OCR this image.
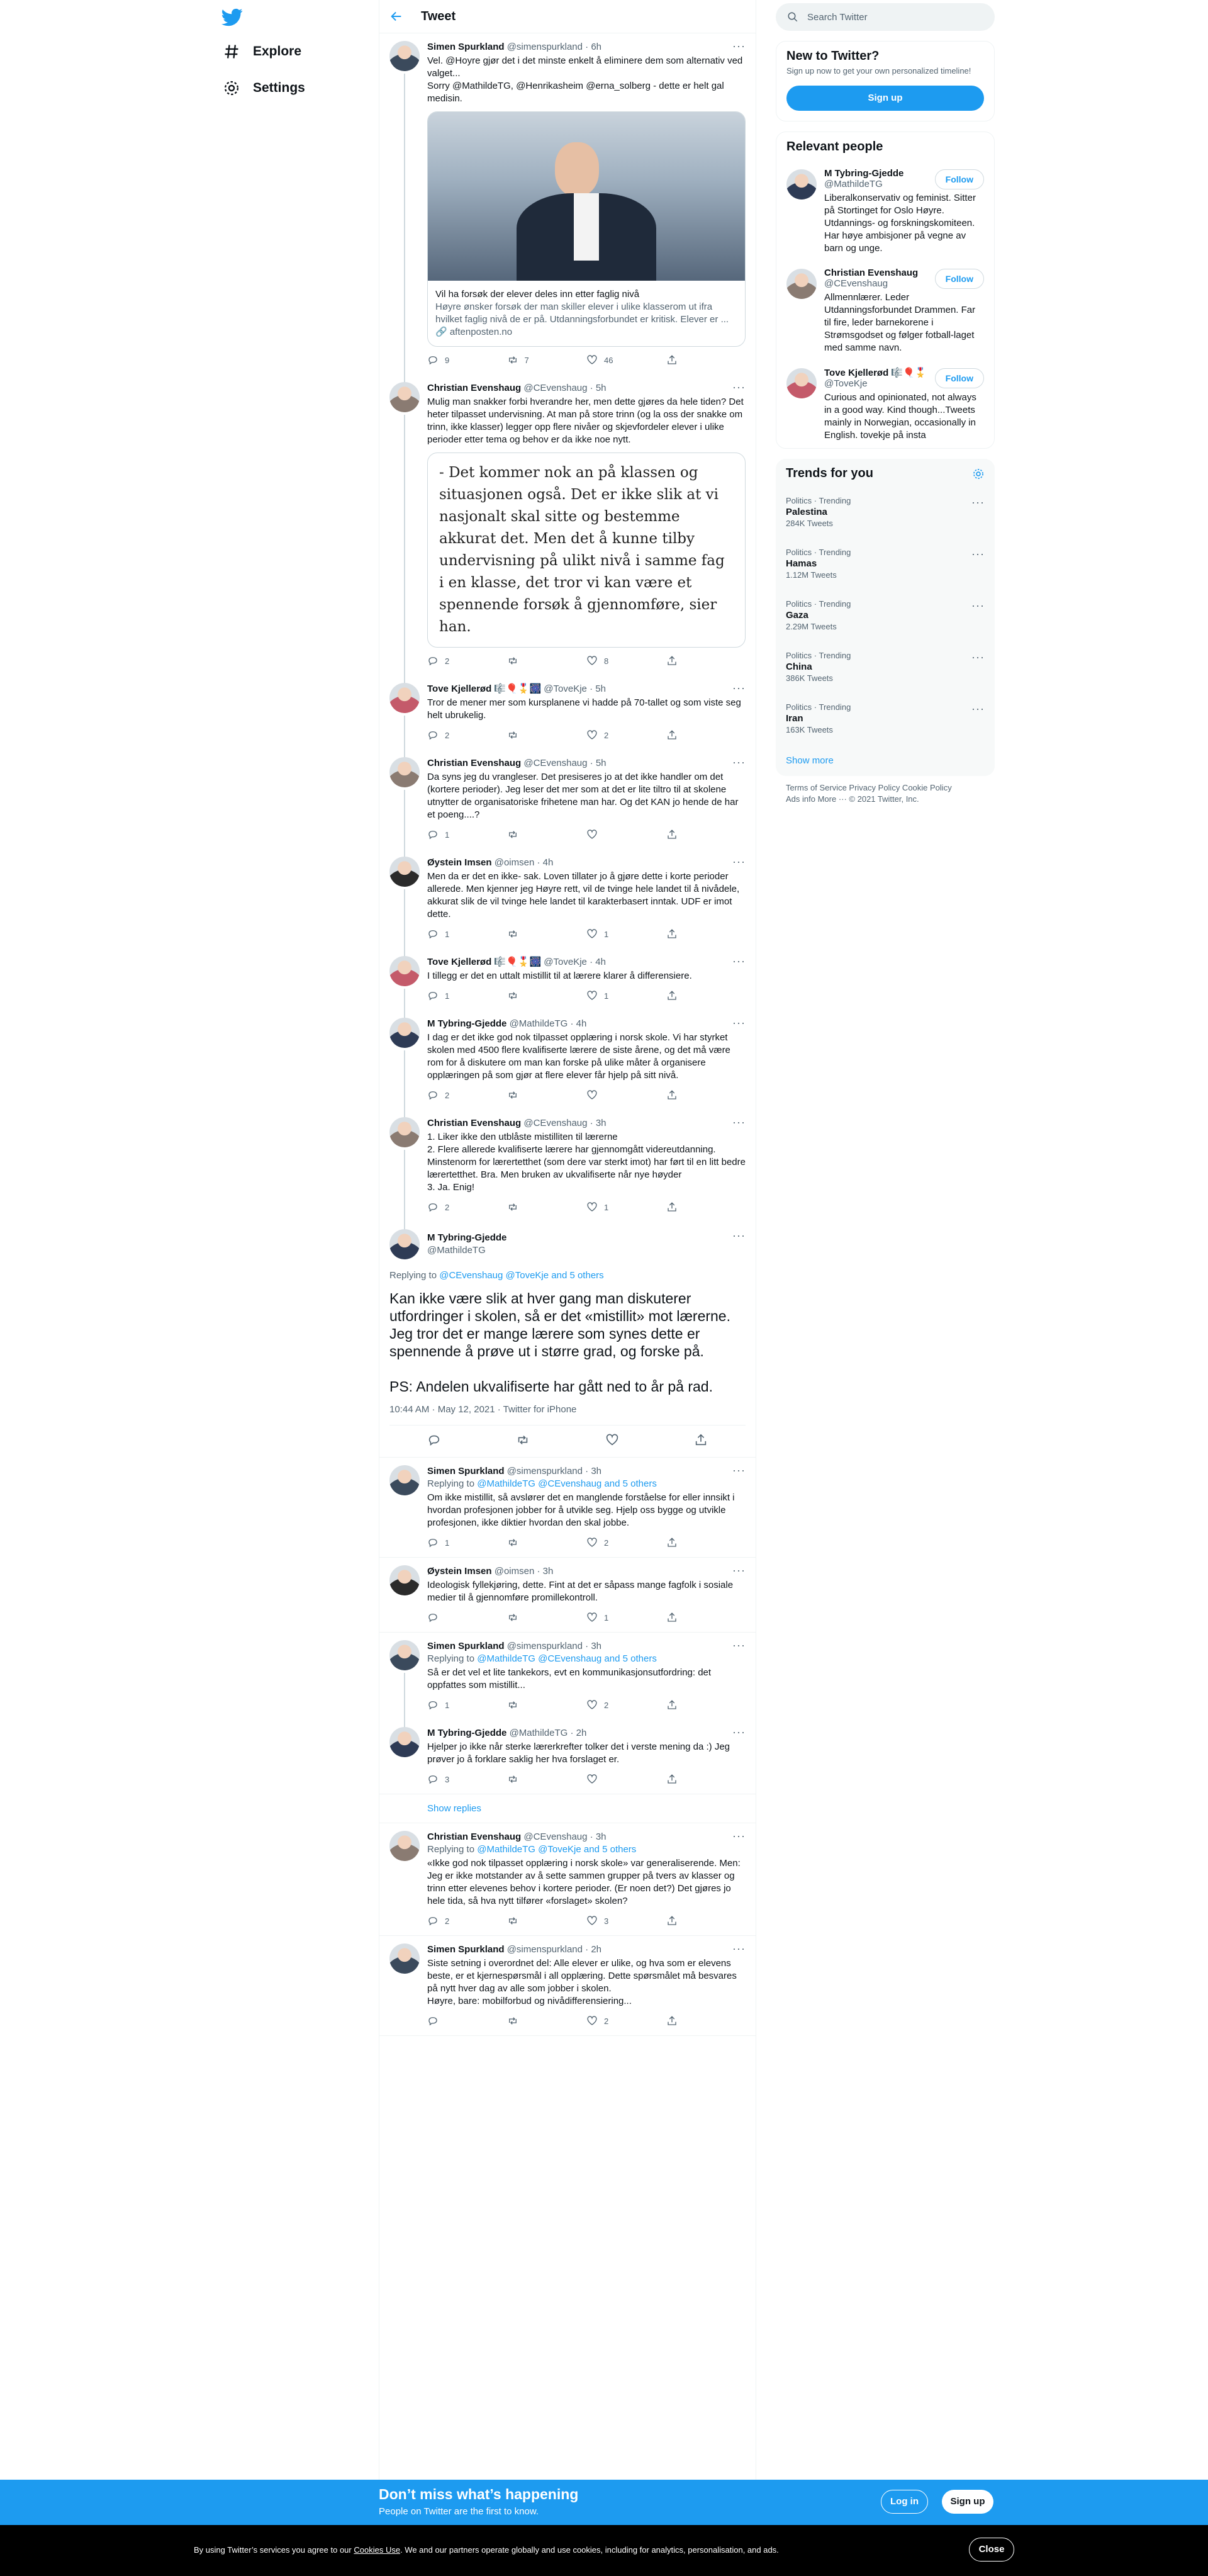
Explore
Settings
Tweet
Simen Spurkland @simenspurkland · 6h	···
Vel. @Hoyre gjør det i det minste enkelt å eliminere dem som alternativ ved valget...
Sorry @MathildeTG, @Henrikasheim @erna_solberg - dette er helt gal medisin.
Vil ha forsøk der elever deles inn etter faglig nivå
Høyre ønsker forsøk der man skiller elever i ulike klasserom ut ifra hvilket faglig nivå de er på. Utdanningsforbundet er kritisk. Elever er ...
🔗 aftenposten.no
9	7	46
Christian Evenshaug @CEvenshaug · 5h	···
Mulig man snakker forbi hverandre her, men dette gjøres da hele tiden? Det heter tilpasset undervisning. At man på store trinn (og la oss der snakke om trinn, ikke klasser) legger opp flere nivåer og skjevfordeler elever i ulike perioder etter tema og behov er da ikke noe nytt.
- Det kommer nok an på klassen og situasjonen også. Det er ikke slik at vi nasjonalt skal sitte og bestemme akkurat det. Men det å kunne tilby undervisning på ulikt nivå i samme fag i en klasse, det tror vi kan være et spennende forsøk å gjennomføre, sier han.
2	8
Tove Kjellerød 🎼🎈🎖️🎆 @ToveKje · 5h	···
Tror de mener mer som kursplanene vi hadde på 70-tallet og som viste seg helt ubrukelig.
2	2
Christian Evenshaug @CEvenshaug · 5h	···
Da syns jeg du vrangleser. Det presiseres jo at det ikke handler om det (kortere perioder). Jeg leser det mer som at det er lite tiltro til at skolene utnytter de organisatoriske frihetene man har. Og det KAN jo hende de har et poeng....?
1
Øystein Imsen @oimsen · 4h	···
Men da er det en ikke- sak. Loven tillater jo å gjøre dette i korte perioder allerede. Men kjenner jeg Høyre rett, vil de tvinge hele landet til å nivådele, akkurat slik de vil tvinge hele landet til karakterbasert inntak. UDF er imot dette.
1	1
Tove Kjellerød 🎼🎈🎖️🎆 @ToveKje · 4h	···
I tillegg er det en uttalt mistillit til at lærere klarer å differensiere.
1	1
M Tybring-Gjedde @MathildeTG · 4h	···
I dag er det ikke god nok tilpasset opplæring i norsk skole. Vi har styrket skolen med 4500 flere kvalifiserte lærere de siste årene, og det må være rom for å diskutere om man kan forske på ulike måter å organisere opplæringen på som gjør at flere elever får hjelp på sitt nivå.
2
Christian Evenshaug @CEvenshaug · 3h	···
1. Liker ikke den utblåste mistilliten til lærerne
2. Flere allerede kvalifiserte lærere har gjennomgått videreutdanning. Minstenorm for lærertetthet (som dere var sterkt imot) har ført til en litt bedre lærertetthet. Bra. Men bruken av ukvalifiserte når nye høyder
3. Ja. Enig!
2	1
M Tybring-Gjedde
@MathildeTG
···
Replying to @CEvenshaug @ToveKje and 5 others
Kan ikke være slik at hver gang man diskuterer utfordringer i skolen, så er det «mistillit» mot lærerne. Jeg tror det er mange lærere som synes dette er spennende å prøve ut i større grad, og forske på.

PS: Andelen ukvalifiserte har gått ned to år på rad.
10:44 AM · May 12, 2021 · Twitter for iPhone
Simen Spurkland @simenspurkland · 3h	···
Replying to @MathildeTG @CEvenshaug and 5 others
Om ikke mistillit, så avslører det en manglende forståelse for eller innsikt i hvordan profesjonen jobber for å utvikle seg. Hjelp oss bygge og utvikle profesjonen, ikke diktier hvordan den skal jobbe.
1	2
Øystein Imsen @oimsen · 3h	···
Ideologisk fyllekjøring, dette. Fint at det er såpass mange fagfolk i sosiale medier til å gjennomføre promillekontroll.
1
Simen Spurkland @simenspurkland · 3h	···
Replying to @MathildeTG @CEvenshaug and 5 others
Så er det vel et lite tankekors, evt en kommunikasjonsutfordring: det oppfattes som mistillit...
1	2
M Tybring-Gjedde @MathildeTG · 2h	···
Hjelper jo ikke når sterke lærerkrefter tolker det i verste mening da :) Jeg prøver jo å forklare saklig her hva forslaget er.
3
Show replies
Christian Evenshaug @CEvenshaug · 3h	···
Replying to @MathildeTG @ToveKje and 5 others
«Ikke god nok tilpasset opplæring i norsk skole» var generaliserende. Men: Jeg er ikke motstander av å sette sammen grupper på tvers av klasser og trinn etter elevenes behov i kortere perioder. (Er noen det?) Det gjøres jo hele tida, så hva nytt tilfører «forslaget» skolen?
2	3
Simen Spurkland @simenspurkland · 2h	···
Siste setning i overordnet del: Alle elever er ulike, og hva som er elevens beste, er et kjernespørsmål i all opplæring. Dette spørsmålet må besvares på nytt hver dag av alle som jobber i skolen.
Høyre, bare: mobilforbud og nivådifferensiering...
2
Search Twitter
New to Twitter?
Sign up now to get your own personalized timeline!
Sign up
Relevant people
M Tybring-Gjedde
@MathildeTG
Liberalkonservativ og feminist. Sitter på Stortinget for Oslo Høyre. Utdannings- og forskningskomiteen. Har høye ambisjoner på vegne av barn og unge.
Follow
Christian Evenshaug
@CEvenshaug
Allmennlærer. Leder Utdanningsforbundet Drammen. Far til fire, leder barnekorene i Strømsgodset og følger fotball-laget med samme navn.
Follow
Tove Kjellerød 🎼🎈🎖️
@ToveKje
Curious and opinionated, not always in a good way. Kind though...Tweets mainly in Norwegian, occasionally in English. tovekje på insta
Follow
Trends for you
Politics · Trending
Palestina
284K Tweets
···
Politics · Trending
Hamas
1.12M Tweets
···
Politics · Trending
Gaza
2.29M Tweets
···
Politics · Trending
China
386K Tweets
···
Politics · Trending
Iran
163K Tweets
···
Show more
Terms of Service Privacy Policy Cookie Policy
Ads info More ··· © 2021 Twitter, Inc.
Don’t miss what’s happening
People on Twitter are the first to know.
Log in	Sign up
By using Twitter’s services you agree to our Cookies Use. We and our partners operate globally and use cookies, including for analytics, personalisation, and ads.	Close
